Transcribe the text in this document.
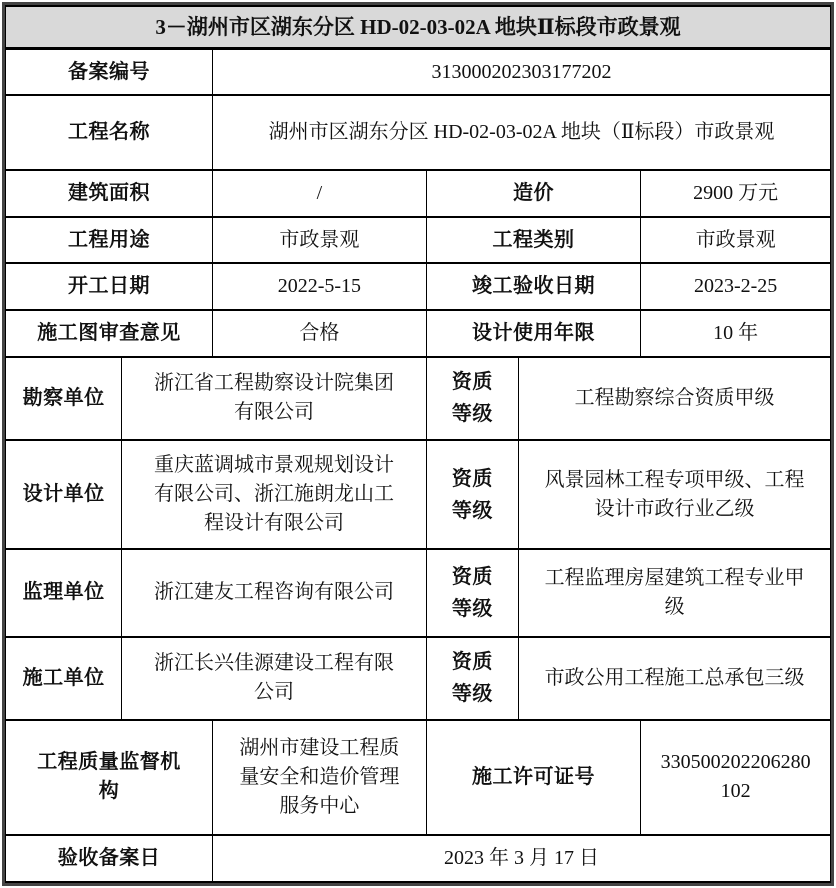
3－湖州市区湖东分区 HD-02-03-02A 地块Ⅱ标段市政景观					
备案编号		313000202303177202			
工程名称		湖州市区湖东分区 HD-02-03-02A 地块（Ⅱ标段）市政景观			
建筑面积		/	造价		2900 万元
工程用途		市政景观	工程类别		市政景观
开工日期		2022-5-15	竣工验收日期		2023-2-25
施工图审查意见		合格	设计使用年限		10 年
勘察单位	浙江省工程勘察设计院集团有限公司		资质等级	工程勘察综合资质甲级	
设计单位	重庆蓝调城市景观规划设计有限公司、浙江施朗龙山工程设计有限公司		资质等级	风景园林工程专项甲级、工程设计市政行业乙级	
监理单位	浙江建友工程咨询有限公司		资质等级	工程监理房屋建筑工程专业甲级	
施工单位	浙江长兴佳源建设工程有限公司		资质等级	市政公用工程施工总承包三级	
工程质量监督机构		湖州市建设工程质量安全和造价管理服务中心	施工许可证号		330500202206280102
验收备案日		2023 年 3 月 17 日			
